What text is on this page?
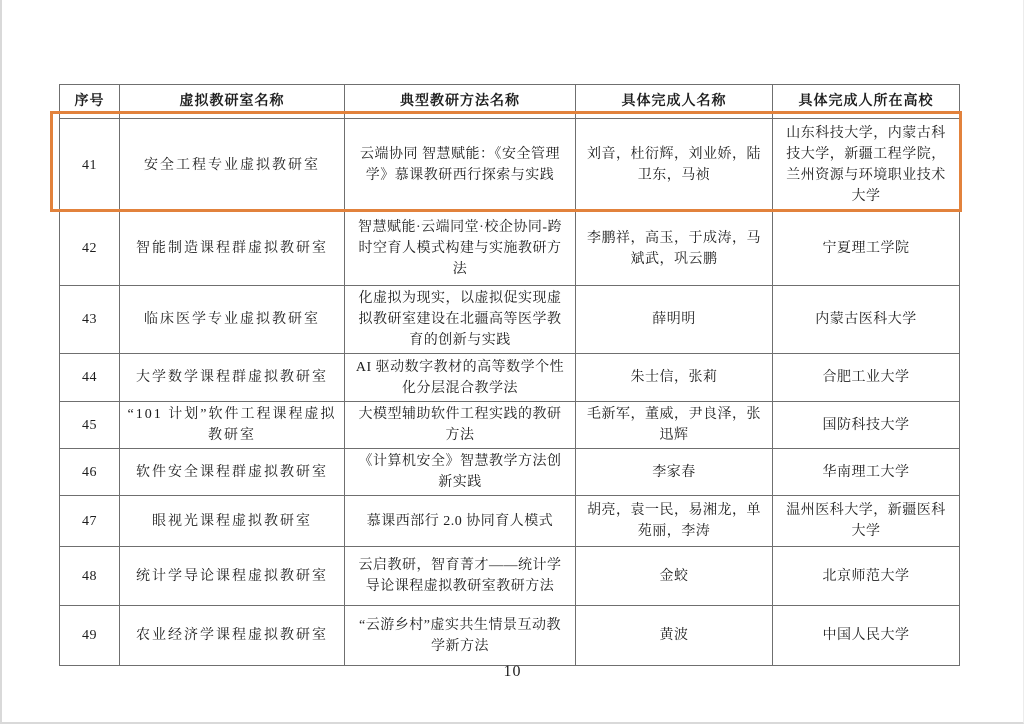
序号	虚拟教研室名称	典型教研方法名称	具体完成人名称	具体完成人所在高校
41	安全工程专业虚拟教研室	云端协同 智慧赋能：《安全管理学》慕课教研西行探索与实践	刘音，杜衍辉，刘业娇，陆卫东，马祯	山东科技大学，内蒙古科技大学，新疆工程学院，兰州资源与环境职业技术大学
42	智能制造课程群虚拟教研室	智慧赋能·云端同堂·校企协同-跨时空育人模式构建与实施教研方法	李鹏祥，高玉，于成涛，马斌武，巩云鹏	宁夏理工学院
43	临床医学专业虚拟教研室	化虚拟为现实，以虚拟促实现虚拟教研室建设在北疆高等医学教育的创新与实践	薛明明	内蒙古医科大学
44	大学数学课程群虚拟教研室	AI 驱动数字教材的高等数学个性化分层混合教学法	朱士信，张莉	合肥工业大学
45	“101 计划”软件工程课程虚拟教研室	大模型辅助软件工程实践的教研方法	毛新军，董威，尹良泽，张迅辉	国防科技大学
46	软件安全课程群虚拟教研室	《计算机安全》智慧教学方法创新实践	李家春	华南理工大学
47	眼视光课程虚拟教研室	慕课西部行 2.0 协同育人模式	胡亮，袁一民，易湘龙，单苑丽，李涛	温州医科大学，新疆医科大学
48	统计学导论课程虚拟教研室	云启教研，智育菁才——统计学导论课程虚拟教研室教研方法	金蛟	北京师范大学
49	农业经济学课程虚拟教研室	“云游乡村”虚实共生情景互动教学新方法	黄波	中国人民大学
10
